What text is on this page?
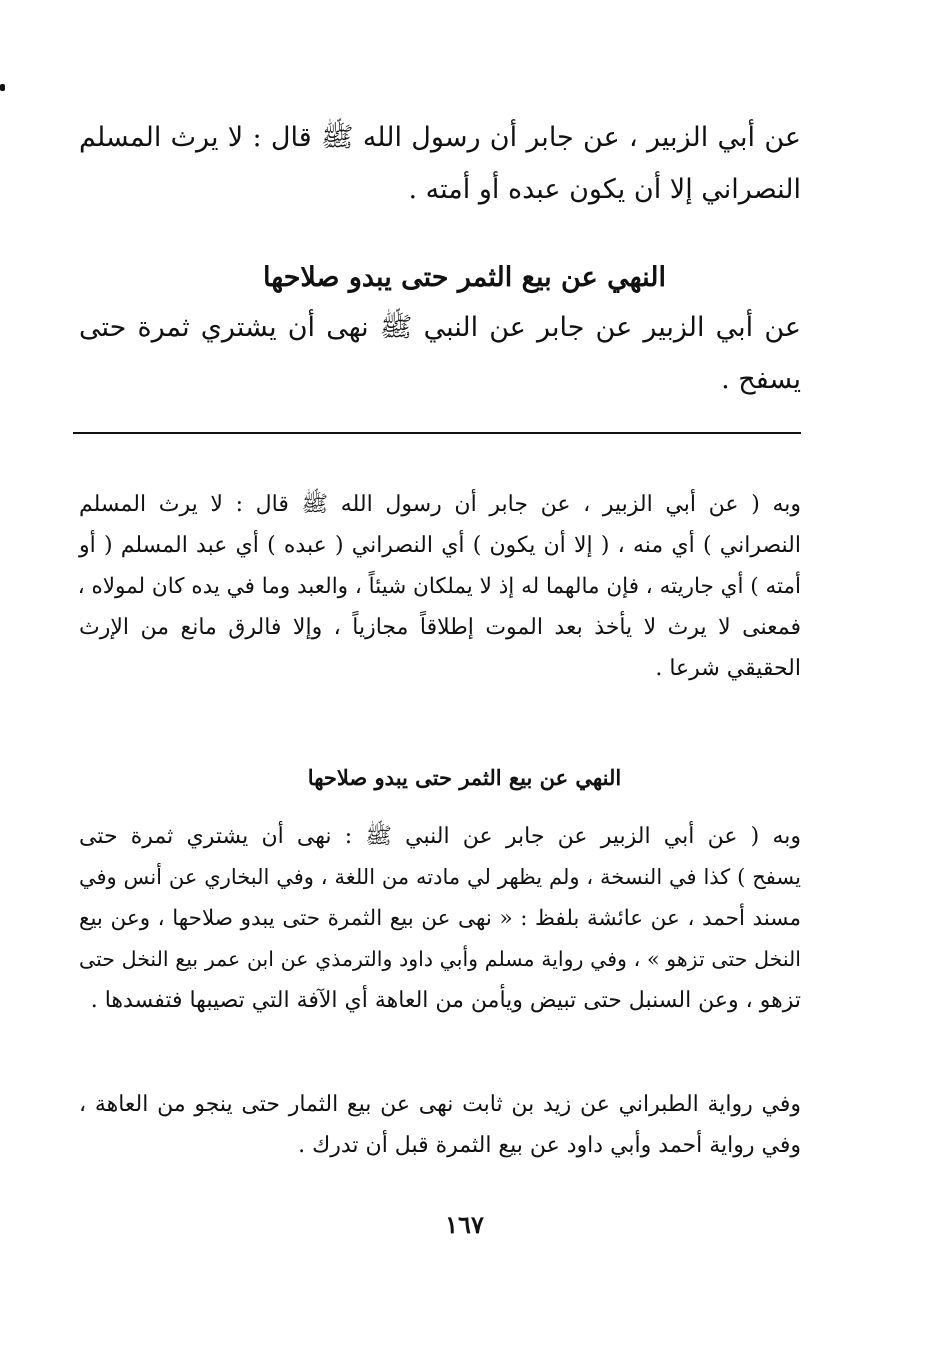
عن أبي الزبير ، عن جابر أن رسول الله ﷺ قال : لا يرث المسلم
النصراني إلا أن يكون عبده أو أمته .
النهي عن بيع الثمر حتى يبدو صلاحها
عن أبي الزبير عن جابر عن النبي ﷺ نهى أن يشتري ثمرة حتى
يسفح .
وبه ( عن أبي الزبير ، عن جابر أن رسول الله ﷺ قال : لا يرث المسلم
النصراني ) أي منه ، ( إلا أن يكون ) أي النصراني ( عبده ) أي عبد المسلم ( أو
أمته ) أي جاريته ، فإن مالهما له إذ لا يملكان شيئاً ، والعبد وما في يده كان لمولاه ،
فمعنى لا يرث لا يأخذ بعد الموت إطلاقاً مجازياً ، وإلا فالرق مانع من الإرث
الحقيقي شرعا .
النهي عن بيع الثمر حتى يبدو صلاحها
وبه ( عن أبي الزبير عن جابر عن النبي ﷺ : نهى أن يشتري ثمرة حتى
يسفح ) كذا في النسخة ، ولم يظهر لي مادته من اللغة ، وفي البخاري عن أنس وفي
مسند أحمد ، عن عائشة بلفظ : « نهى عن بيع الثمرة حتى يبدو صلاحها ، وعن بيع
النخل حتى تزهو » ، وفي رواية مسلم وأبي داود والترمذي عن ابن عمر بيع النخل حتى
تزهو ، وعن السنبل حتى تبيض ويأمن من العاهة أي الآفة التي تصيبها فتفسدها .
وفي رواية الطبراني عن زيد بن ثابت نهى عن بيع الثمار حتى ينجو من العاهة ،
وفي رواية أحمد وأبي داود عن بيع الثمرة قبل أن تدرك .
١٦٧
